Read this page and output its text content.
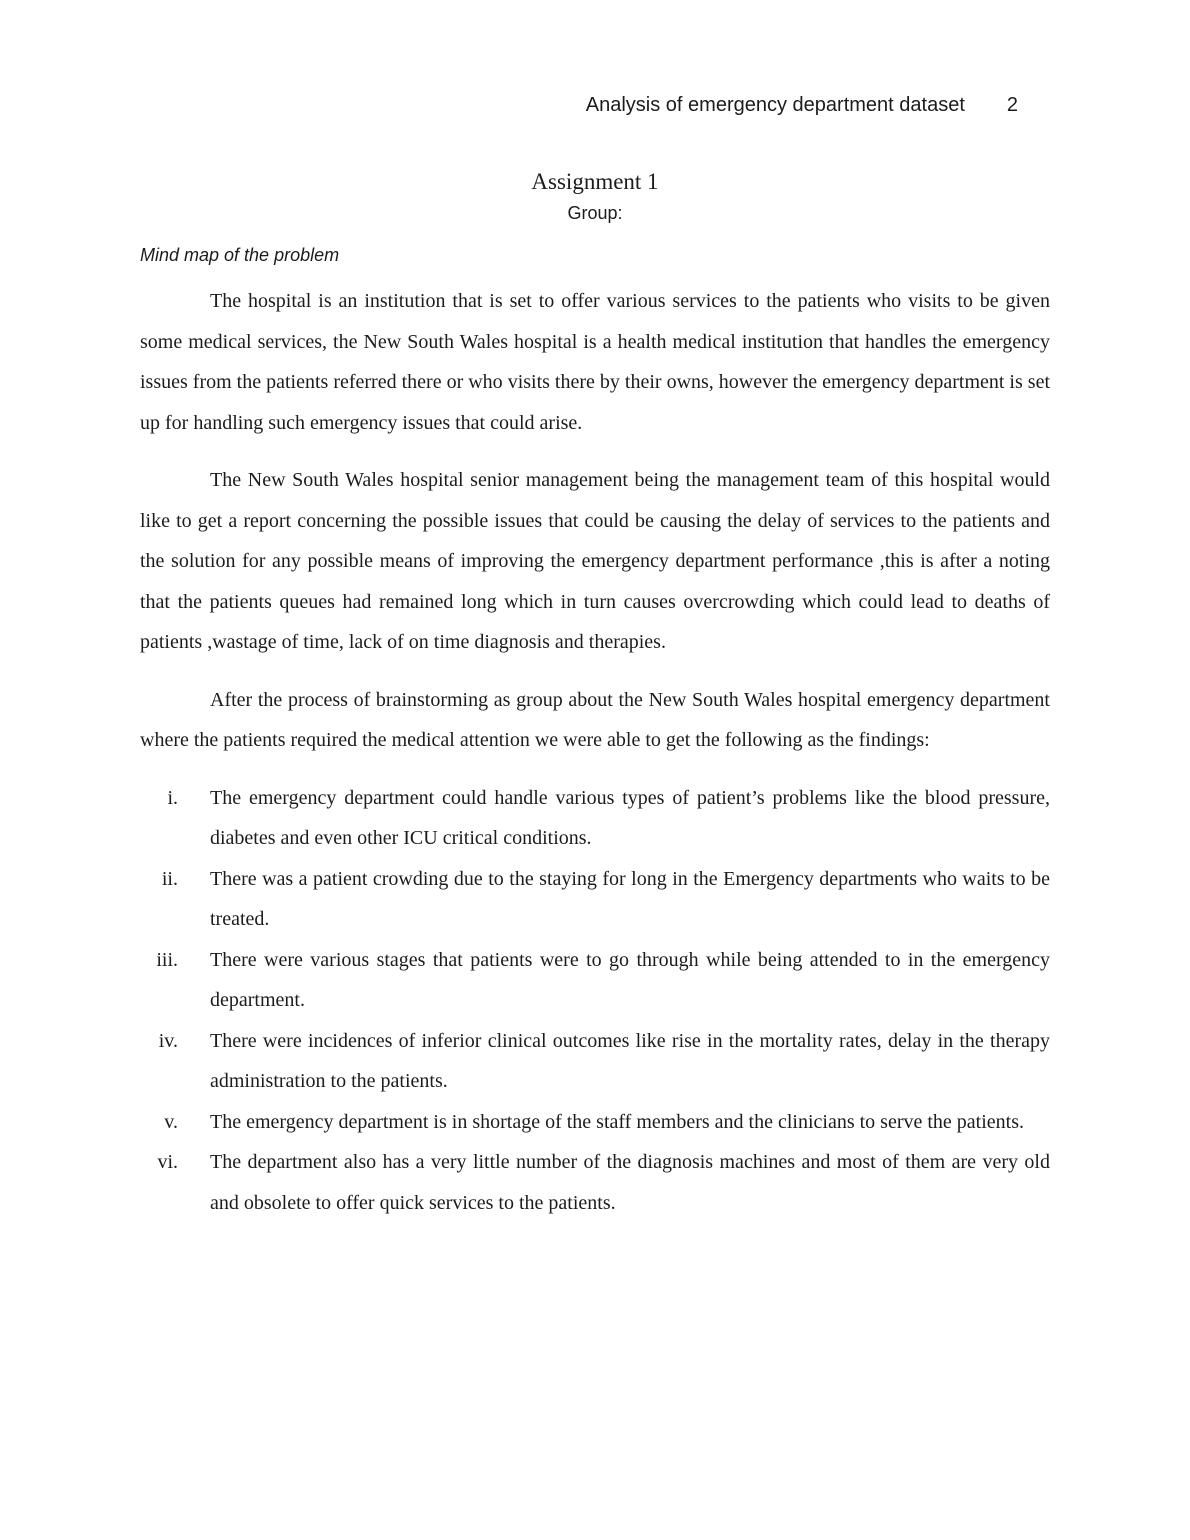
Analysis of emergency department dataset 2
Assignment 1
Group:
Mind map of the problem

The hospital is an institution that is set to offer various services to the patients who visits to be given some medical services, the New South Wales hospital is a health medical institution that handles the emergency issues from the patients referred there or who visits there by their owns, however the emergency department is set up for handling such emergency issues that could arise.

The New South Wales hospital senior management being the management team of this hospital would like to get a report concerning the possible issues that could be causing the delay of services to the patients and the solution for any possible means of improving the emergency department performance ,this is after a noting that the patients queues had remained long which in turn causes overcrowding which could lead to deaths of patients ,wastage of time, lack of on time diagnosis and therapies.

After the process of brainstorming as group about the New South Wales hospital emergency department where the patients required the medical attention we were able to get the following as the findings:

i.	The emergency department could handle various types of patient’s problems like the blood pressure, diabetes and even other ICU critical conditions.
ii.	There was a patient crowding due to the staying for long in the Emergency departments who waits to be treated.
iii.	There were various stages that patients were to go through while being attended to in the emergency department.
iv.	There were incidences of inferior clinical outcomes like rise in the mortality rates, delay in the therapy administration to the patients.
v.	The emergency department is in shortage of the staff members and the clinicians to serve the patients.
vi.	The department also has a very little number of the diagnosis machines and most of them are very old and obsolete to offer quick services to the patients.
